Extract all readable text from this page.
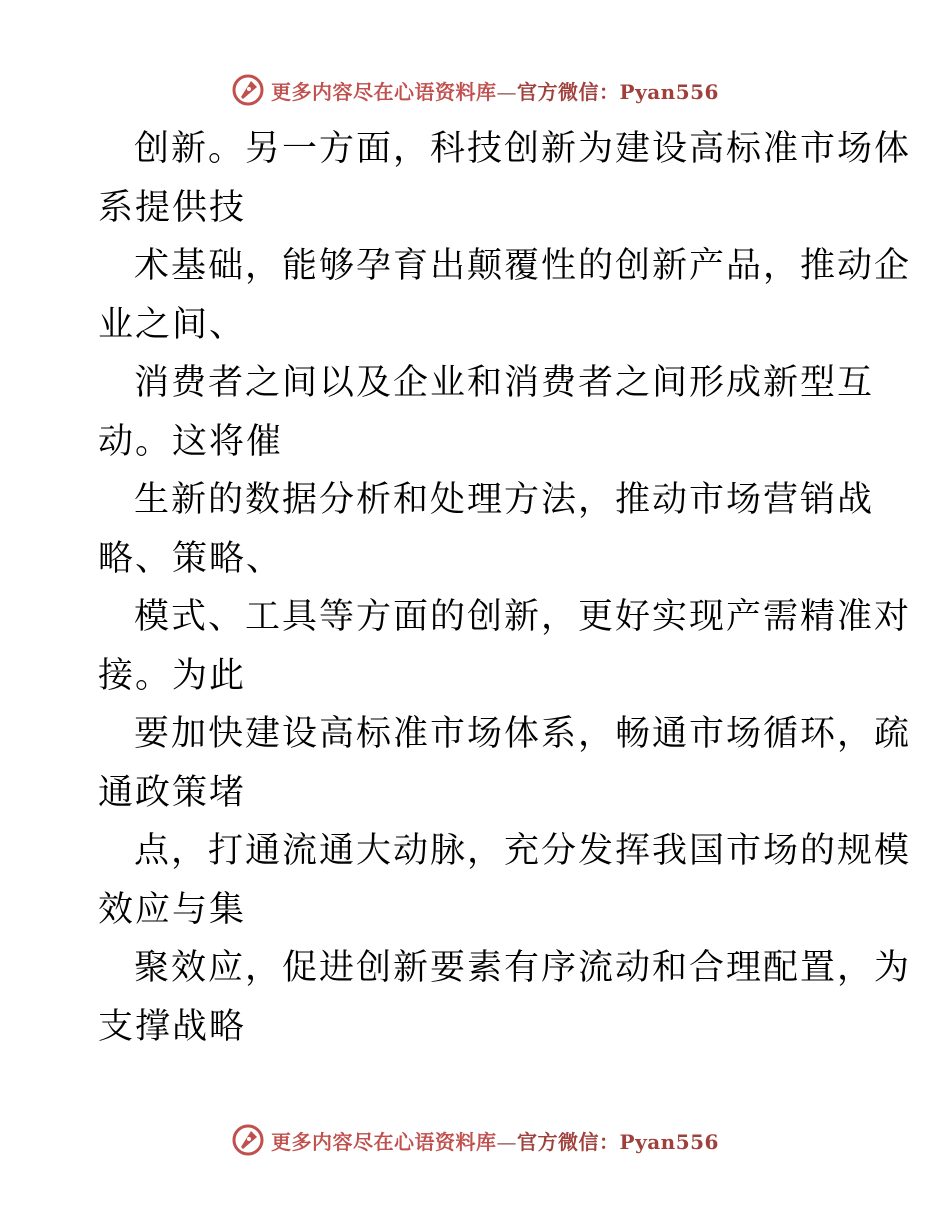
更多内容尽在心语资料库—官方微信：Pyan556
创新。另一方面，科技创新为建设高标准市场体
系提供技
术基础，能够孕育出颠覆性的创新产品，推动企
业之间、
消费者之间以及企业和消费者之间形成新型互
动。这将催
生新的数据分析和处理方法，推动市场营销战
略、策略、
模式、工具等方面的创新，更好实现产需精准对
接。为此
要加快建设高标准市场体系，畅通市场循环，疏
通政策堵
点，打通流通大动脉，充分发挥我国市场的规模
效应与集
聚效应，促进创新要素有序流动和合理配置，为
支撑战略
更多内容尽在心语资料库—官方微信：Pyan556
